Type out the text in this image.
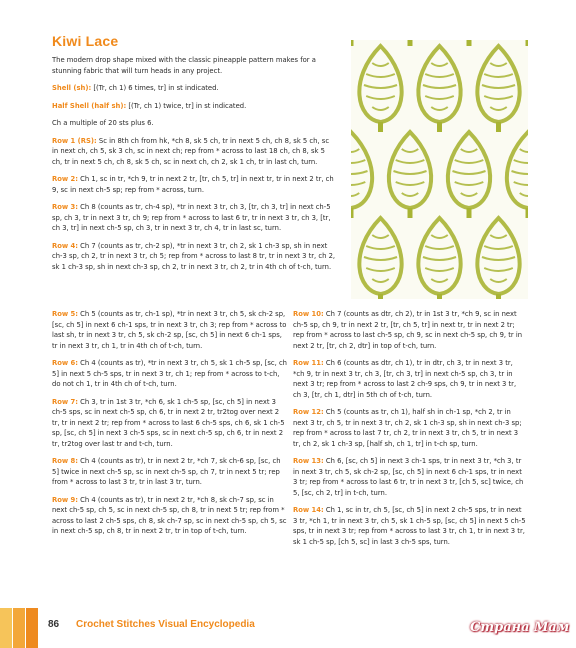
Kiwi Lace

The modern drop shape mixed with the classic pineapple pattern makes for a stunning fabric that will turn heads in any project.

Shell (sh): [(Tr, ch 1) 6 times, tr] in st indicated.

Half Shell (half sh): [(Tr, ch 1) twice, tr] in st indicated.

Ch a multiple of 20 sts plus 6.

Row 1 (RS): Sc in 8th ch from hk, *ch 8, sk 5 ch, tr in next 5 ch, ch 8, sk 5 ch, sc in next ch, ch 5, sk 3 ch, sc in next ch; rep from * across to last 18 ch, ch 8, sk 5 ch, tr in next 5 ch, ch 8, sk 5 ch, sc in next ch, ch 2, sk 1 ch, tr in last ch, turn.

Row 2: Ch 1, sc in tr, *ch 9, tr in next 2 tr, [tr, ch 5, tr] in next tr, tr in next 2 tr, ch 9, sc in next ch-5 sp; rep from * across, turn.

Row 3: Ch 8 (counts as tr, ch-4 sp), *tr in next 3 tr, ch 3, [tr, ch 3, tr] in next ch-5 sp, ch 3, tr in next 3 tr, ch 9; rep from * across to last 6 tr, tr in next 3 tr, ch 3, [tr, ch 3, tr] in next ch-5 sp, ch 3, tr in next 3 tr, ch 4, tr in last sc, turn.

Row 4: Ch 7 (counts as tr, ch-2 sp), *tr in next 3 tr, ch 2, sk 1 ch-3 sp, sh in next ch-3 sp, ch 2, tr in next 3 tr, ch 5; rep from * across to last 8 tr, tr in next 3 tr, ch 2, sk 1 ch-3 sp, sh in next ch-3 sp, ch 2, tr in next 3 tr, ch 2, tr in 4th ch of t-ch, turn.

Row 5: Ch 5 (counts as tr, ch-1 sp), *tr in next 3 tr, ch 5, sk ch-2 sp, [sc, ch 5] in next 6 ch-1 sps, tr in next 3 tr, ch 3; rep from * across to last sh, tr in next 3 tr, ch 5, sk ch-2 sp, [sc, ch 5] in next 6 ch-1 sps, tr in next 3 tr, ch 1, tr in 4th ch of t-ch, turn.

Row 6: Ch 4 (counts as tr), *tr in next 3 tr, ch 5, sk 1 ch-5 sp, [sc, ch 5] in next 5 ch-5 sps, tr in next 3 tr, ch 1; rep from * across to t-ch, do not ch 1, tr in 4th ch of t-ch, turn.

Row 7: Ch 3, tr in 1st 3 tr, *ch 6, sk 1 ch-5 sp, [sc, ch 5] in next 3 ch-5 sps, sc in next ch-5 sp, ch 6, tr in next 2 tr, tr2tog over next 2 tr, tr in next 2 tr; rep from * across to last 6 ch-5 sps, ch 6, sk 1 ch-5 sp, [sc, ch 5] in next 3 ch-5 sps, sc in next ch-5 sp, ch 6, tr in next 2 tr, tr2tog over last tr and t-ch, turn.

Row 8: Ch 4 (counts as tr), tr in next 2 tr, *ch 7, sk ch-6 sp, [sc, ch 5] twice in next ch-5 sp, sc in next ch-5 sp, ch 7, tr in next 5 tr; rep from * across to last 3 tr, tr in last 3 tr, turn.

Row 9: Ch 4 (counts as tr), tr in next 2 tr, *ch 8, sk ch-7 sp, sc in next ch-5 sp, ch 5, sc in next ch-5 sp, ch 8, tr in next 5 tr; rep from * across to last 2 ch-5 sps, ch 8, sk ch-7 sp, sc in next ch-5 sp, ch 5, sc in next ch-5 sp, ch 8, tr in next 2 tr, tr in top of t-ch, turn.

Row 10: Ch 7 (counts as dtr, ch 2), tr in 1st 3 tr, *ch 9, sc in next ch-5 sp, ch 9, tr in next 2 tr, [tr, ch 5, tr] in next tr, tr in next 2 tr; rep from * across to last ch-5 sp, ch 9, sc in next ch-5 sp, ch 9, tr in next 2 tr, [tr, ch 2, dtr] in top of t-ch, turn.

Row 11: Ch 6 (counts as dtr, ch 1), tr in dtr, ch 3, tr in next 3 tr, *ch 9, tr in next 3 tr, ch 3, [tr, ch 3, tr] in next ch-5 sp, ch 3, tr in next 3 tr; rep from * across to last 2 ch-9 sps, ch 9, tr in next 3 tr, ch 3, [tr, ch 1, dtr] in 5th ch of t-ch, turn.

Row 12: Ch 5 (counts as tr, ch 1), half sh in ch-1 sp, *ch 2, tr in next 3 tr, ch 5, tr in next 3 tr, ch 2, sk 1 ch-3 sp, sh in next ch-3 sp; rep from * across to last 7 tr, ch 2, tr in next 3 tr, ch 5, tr in next 3 tr, ch 2, sk 1 ch-3 sp, [half sh, ch 1, tr] in t-ch sp, turn.

Row 13: Ch 6, [sc, ch 5] in next 3 ch-1 sps, tr in next 3 tr, *ch 3, tr in next 3 tr, ch 5, sk ch-2 sp, [sc, ch 5] in next 6 ch-1 sps, tr in next 3 tr; rep from * across to last 6 tr, tr in next 3 tr, [ch 5, sc] twice, ch 5, [sc, ch 2, tr] in t-ch, turn.

Row 14: Ch 1, sc in tr, ch 5, [sc, ch 5] in next 2 ch-5 sps, tr in next 3 tr, *ch 1, tr in next 3 tr, ch 5, sk 1 ch-5 sp, [sc, ch 5] in next 5 ch-5 sps, tr in next 3 tr; rep from * across to last 3 tr, ch 1, tr in next 3 tr, sk 1 ch-5 sp, [ch 5, sc] in last 3 ch-5 sps, turn.

86 Crochet Stitches Visual Encyclopedia	Страна Мам
